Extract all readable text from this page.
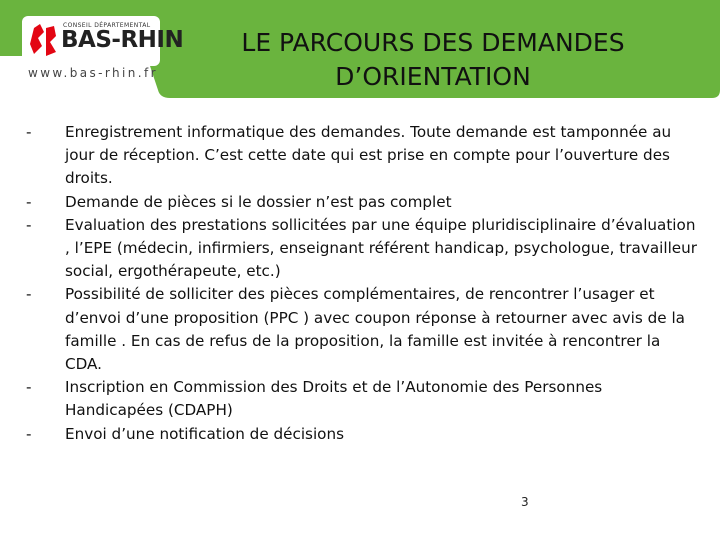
CONSEIL DÉPARTEMENTAL
BAS-RHIN
www.bas-rhin.fr
LE PARCOURS DES DEMANDES
D’ORIENTATION
- Enregistrement informatique des demandes. Toute demande est tamponnée au jour de réception. C’est cette date qui est prise en compte pour l’ouverture des droits.
- Demande de pièces si le dossier n’est pas complet
- Evaluation des prestations sollicitées par une équipe pluridisciplinaire d’évaluation , l’EPE (médecin, infirmiers, enseignant référent handicap, psychologue, travailleur social, ergothérapeute, etc.)
- Possibilité de solliciter des pièces complémentaires, de rencontrer l’usager et d’envoi d’une proposition (PPC ) avec coupon réponse à retourner avec avis de la famille . En cas de refus de la proposition, la famille est invitée à rencontrer la CDA.
- Inscription en Commission des Droits et de l’Autonomie des Personnes Handicapées (CDAPH)
- Envoi d’une notification de décisions
3
